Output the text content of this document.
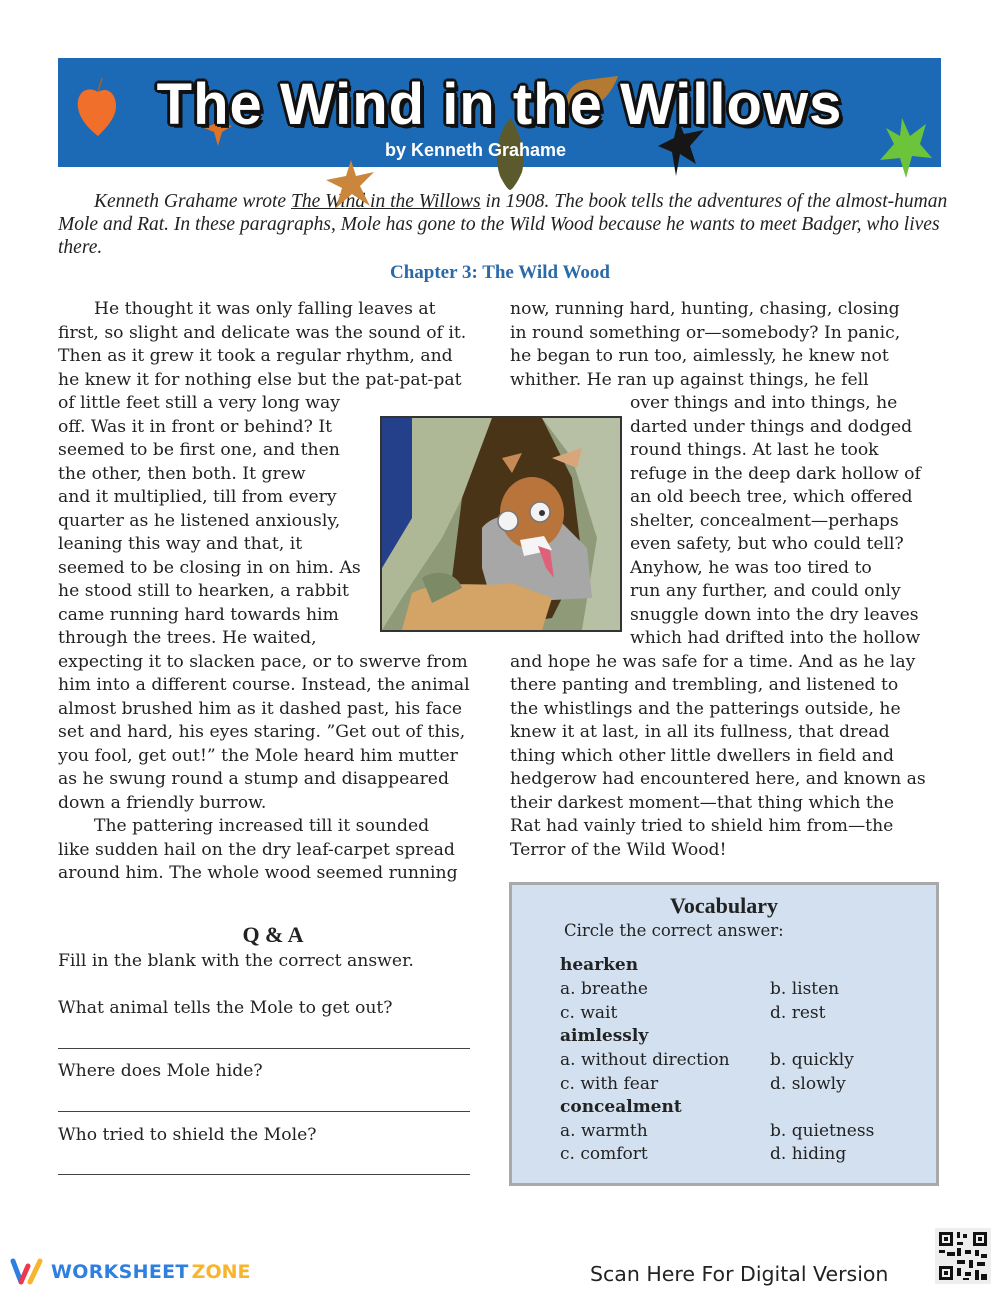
The Wind in the Willows
by Kenneth Grahame
Kenneth Grahame wrote The Wind in the Willows in 1908. The book tells the adventures of the almost-human Mole and Rat. In these paragraphs, Mole has gone to the Wild Wood because he wants to meet Badger, who lives there.
Chapter 3: The Wild Wood
He thought it was only falling leaves at
first, so slight and delicate was the sound of it.
Then as it grew it took a regular rhythm, and
he knew it for nothing else but the pat-pat-pat
of little feet still a very long way
off. Was it in front or behind? It
seemed to be first one, and then
the other, then both. It grew
and it multiplied, till from every
quarter as he listened anxiously,
leaning this way and that, it
seemed to be closing in on him. As
he stood still to hearken, a rabbit
came running hard towards him
through the trees. He waited,
expecting it to slacken pace, or to swerve from
him into a different course. Instead, the animal
almost brushed him as it dashed past, his face
set and hard, his eyes staring. ”Get out of this,
you fool, get out!” the Mole heard him mutter
as he swung round a stump and disappeared
down a friendly burrow.
The pattering increased till it sounded
like sudden hail on the dry leaf-carpet spread
around him. The whole wood seemed running
now, running hard, hunting, chasing, closing
in round something or—somebody? In panic,
he began to run too, aimlessly, he knew not
whither. He ran up against things, he fell
over things and into things, he
darted under things and dodged
round things. At last he took
refuge in the deep dark hollow of
an old beech tree, which offered
shelter, concealment—perhaps
even safety, but who could tell?
Anyhow, he was too tired to
run any further, and could only
snuggle down into the dry leaves
which had drifted into the hollow
and hope he was safe for a time. And as he lay
there panting and trembling, and listened to
the whistlings and the patterings outside, he
knew it at last, in all its fullness, that dread
thing which other little dwellers in field and
hedgerow had encountered here, and known as
their darkest moment—that thing which the
Rat had vainly tried to shield him from—the
Terror of the Wild Wood!
Q & A
Fill in the blank with the correct answer.
What animal tells the Mole to get out?
Where does Mole hide?
Who tried to shield the Mole?
Vocabulary
Circle the correct answer:
hearken
a. breathe	b. listen
c. wait	d. rest
aimlessly
a. without direction b. quickly
c. with fear	d. slowly
concealment
a. warmth	b. quietness
c. comfort	d. hiding
WORKSHEET ZONE	Scan Here For Digital Version
